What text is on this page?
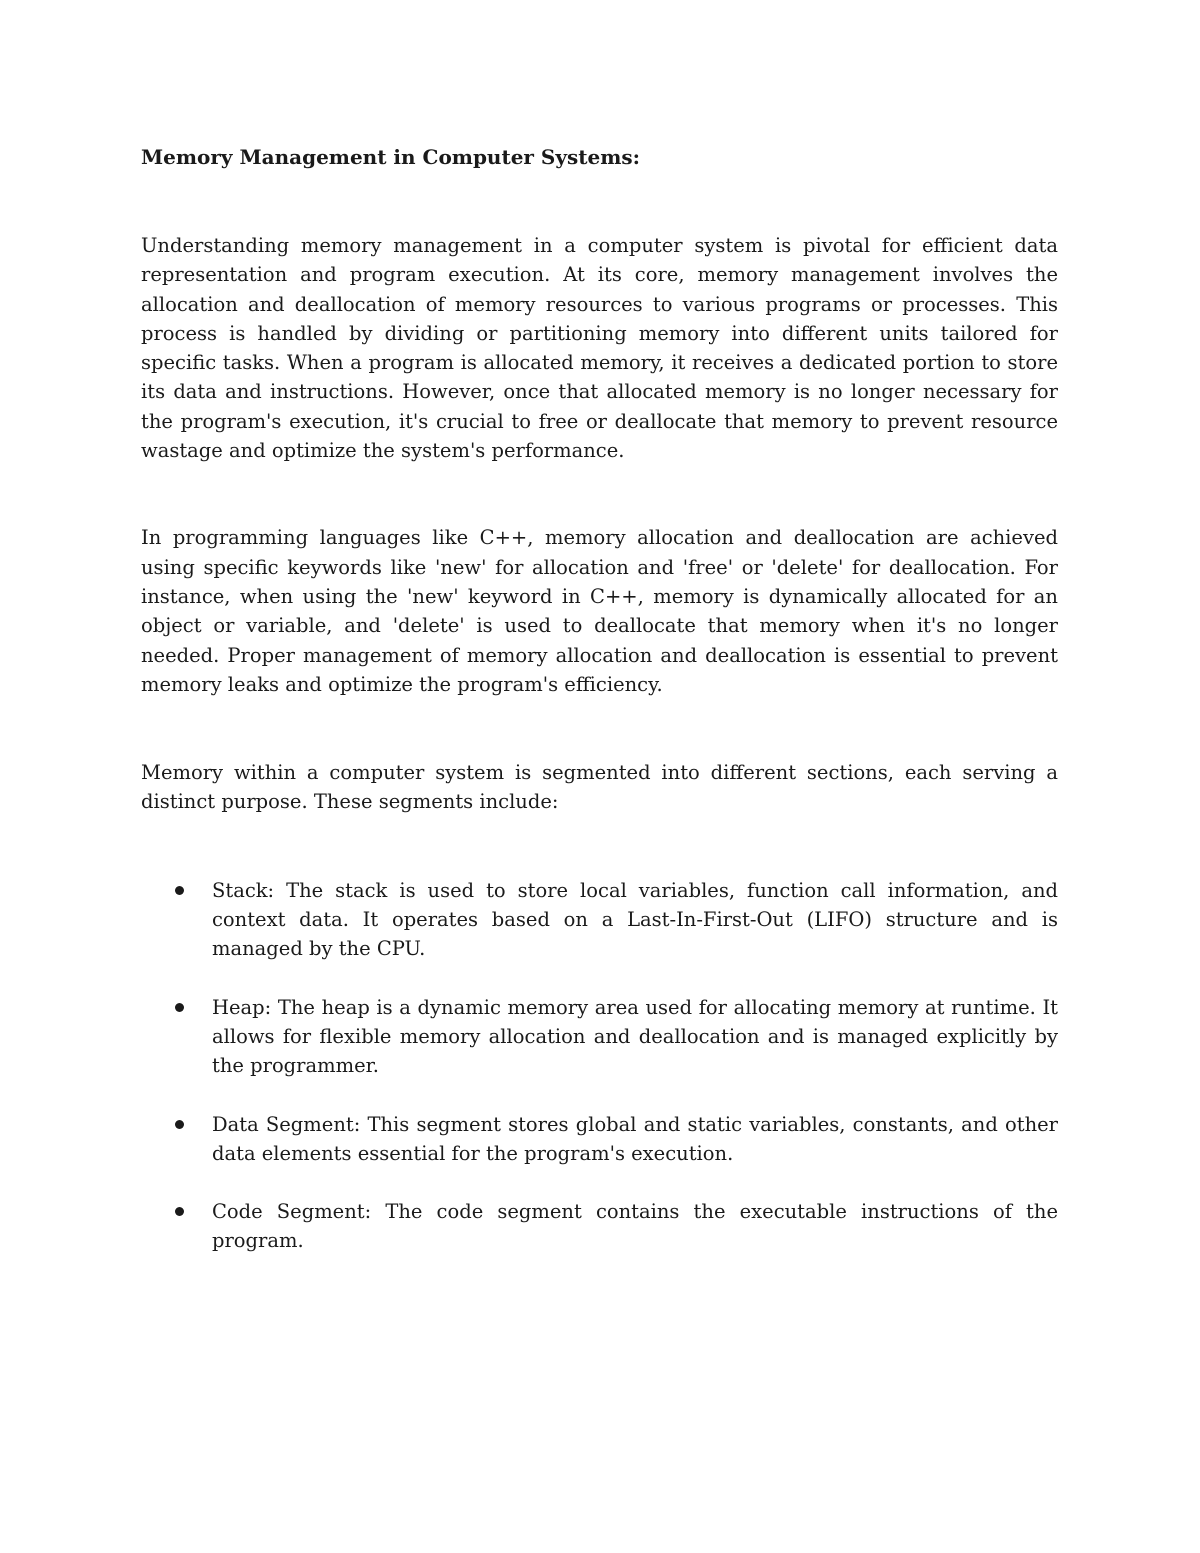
Memory Management in Computer Systems:

Understanding memory management in a computer system is pivotal for efficient data representation and program execution. At its core, memory management involves the allocation and deallocation of memory resources to various programs or processes. This process is handled by dividing or partitioning memory into different units tailored for specific tasks. When a program is allocated memory, it receives a dedicated portion to store its data and instructions. However, once that allocated memory is no longer necessary for the program's execution, it's crucial to free or deallocate that memory to prevent resource wastage and optimize the system's performance.

In programming languages like C++, memory allocation and deallocation are achieved using specific keywords like 'new' for allocation and 'free' or 'delete' for deallocation. For instance, when using the 'new' keyword in C++, memory is dynamically allocated for an object or variable, and 'delete' is used to deallocate that memory when it's no longer needed. Proper management of memory allocation and deallocation is essential to prevent memory leaks and optimize the program's efficiency.

Memory within a computer system is segmented into different sections, each serving a distinct purpose. These segments include:

Stack: The stack is used to store local variables, function call information, and context data. It operates based on a Last-In-First-Out (LIFO) structure and is managed by the CPU.
Heap: The heap is a dynamic memory area used for allocating memory at runtime. It allows for flexible memory allocation and deallocation and is managed explicitly by the programmer.
Data Segment: This segment stores global and static variables, constants, and other data elements essential for the program's execution.
Code Segment: The code segment contains the executable instructions of the program.
